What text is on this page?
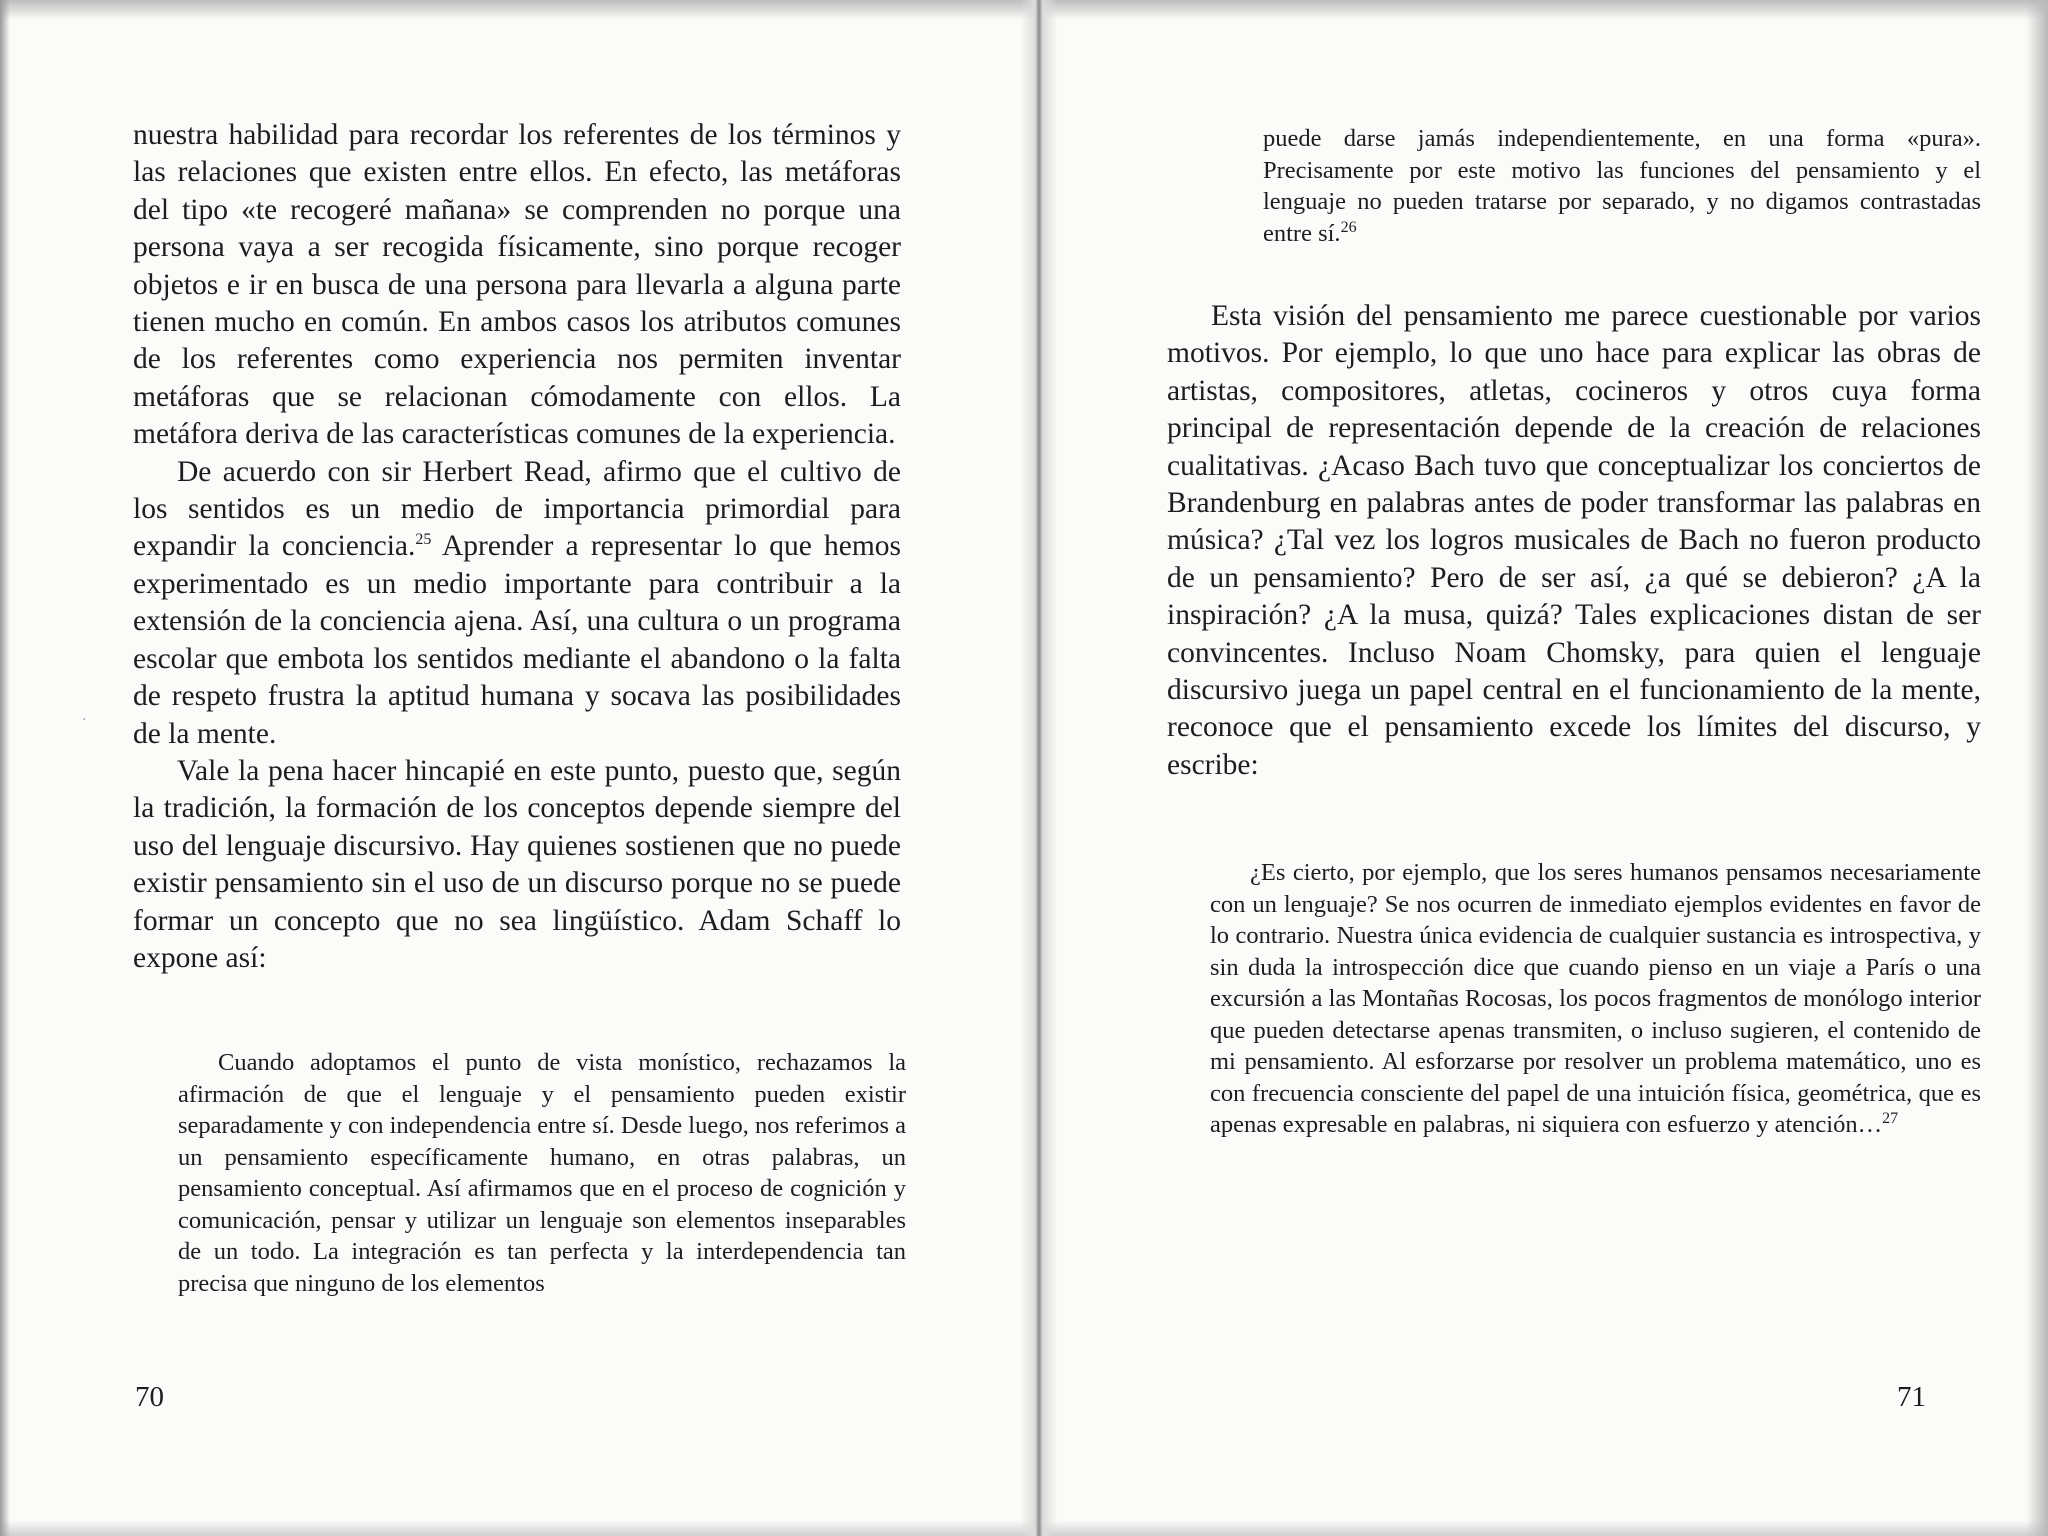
nuestra habilidad para recordar los referentes de los términos y las relaciones que existen entre ellos. En efecto, las metáforas del tipo «te recogeré mañana» se comprenden no porque una persona vaya a ser recogida físicamente, sino porque recoger objetos e ir en busca de una persona para llevarla a alguna parte tienen mucho en común. En ambos casos los atributos comunes de los referentes como experiencia nos permiten inventar metáforas que se relacionan cómodamente con ellos. La metáfora deriva de las características comunes de la experiencia.

De acuerdo con sir Herbert Read, afirmo que el cultivo de los sentidos es un medio de importancia primordial para expandir la conciencia.$^{25}$ Aprender a representar lo que hemos experimentado es un medio importante para contribuir a la extensión de la conciencia ajena. Así, una cultura o un programa escolar que embota los sentidos mediante el abandono o la falta de respeto frustra la aptitud humana y socava las posibilidades de la mente.

Vale la pena hacer hincapié en este punto, puesto que, según la tradición, la formación de los conceptos depende siempre del uso del lenguaje discursivo. Hay quienes sostienen que no puede existir pensamiento sin el uso de un discurso porque no se puede formar un concepto que no sea lingüístico. Adam Schaff lo expone así:

Cuando adoptamos el punto de vista monístico, rechazamos la afirmación de que el lenguaje y el pensamiento pueden existir separadamente y con independencia entre sí. Desde luego, nos referimos a un pensamiento específicamente humano, en otras palabras, un pensamiento conceptual. Así afirmamos que en el proceso de cognición y comunicación, pensar y utilizar un lenguaje son elementos inseparables de un todo. La integración es tan perfecta y la interdependencia tan precisa que ninguno de los elementos

70
·

puede darse jamás independientemente, en una forma «pura». Precisamente por este motivo las funciones del pensamiento y el lenguaje no pueden tratarse por separado, y no digamos contrastadas entre sí.$^{26}$

Esta visión del pensamiento me parece cuestionable por varios motivos. Por ejemplo, lo que uno hace para explicar las obras de artistas, compositores, atletas, cocineros y otros cuya forma principal de representación depende de la creación de relaciones cualitativas. ¿Acaso Bach tuvo que conceptualizar los conciertos de Brandenburg en palabras antes de poder transformar las palabras en música? ¿Tal vez los logros musicales de Bach no fueron producto de un pensamiento? Pero de ser así, ¿a qué se debieron? ¿A la inspiración? ¿A la musa, quizá? Tales explicaciones distan de ser convincentes. Incluso Noam Chomsky, para quien el lenguaje discursivo juega un papel central en el funcionamiento de la mente, reconoce que el pensamiento excede los límites del discurso, y escribe:

¿Es cierto, por ejemplo, que los seres humanos pensamos necesariamente con un lenguaje? Se nos ocurren de inmediato ejemplos evidentes en favor de lo contrario. Nuestra única evidencia de cualquier sustancia es introspectiva, y sin duda la introspección dice que cuando pienso en un viaje a París o una excursión a las Montañas Rocosas, los pocos fragmentos de monólogo interior que pueden detectarse apenas transmiten, o incluso sugieren, el contenido de mi pensamiento. Al esforzarse por resolver un problema matemático, uno es con frecuencia consciente del papel de una intuición física, geométrica, que es apenas expresable en palabras, ni siquiera con esfuerzo y atención…$^{27}$

71
